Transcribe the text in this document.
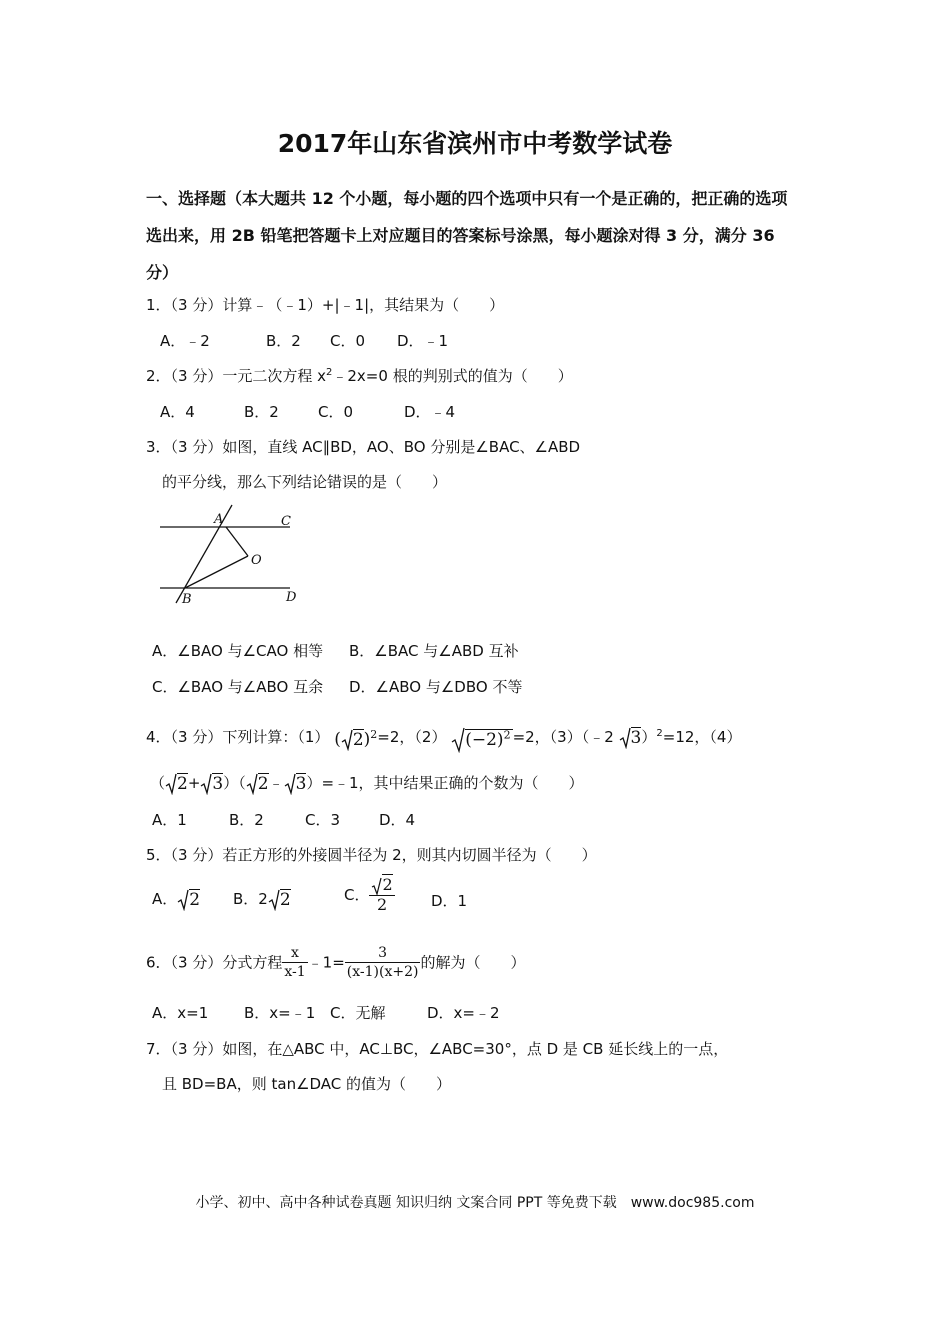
2017年山东省滨州市中考数学试卷
一、选择题（本大题共 12 个小题，每小题的四个选项中只有一个是正确的，把正确的选项
选出来，用 2B 铅笔把答题卡上对应题目的答案标号涂黑，每小题涂对得 3 分，满分 36
分）
1．（3 分）计算﹣（﹣1）+|﹣1|，其结果为（　　）
A．﹣2	B．2 C．0 D．﹣1
2．（3 分）一元二次方程 $x^2﹣2x=0$ 根的判别式的值为（　　）
A．4	B．2	C．0	D．﹣4
3．（3 分）如图，直线 AC∥BD，AO、BO 分别是∠BAC、∠ABD
的平分线，那么下列结论错误的是（　　）
A	C
O
B	D
A．∠BAO 与∠CAO 相等 B．∠BAC 与∠ABD 互补
C．∠BAO 与∠ABO 互余 D．∠ABO 与∠DBO 不等
4．（3 分）下列计算：（1） ( 2)$^2$=2，（2） $(-2)^2 =2$，（3）（﹣2 3）$^2$=12，（4）
（ 2+ 3）（ 2﹣ 3）=﹣1，其中结果正确的个数为（　　）
A．1	B．2	C．3	D．4
5．（3 分）若正方形的外接圆半径为 2，则其内切圆半径为（　　）
A． 2 B．2 2	C． $\frac{2}{2}$ D．1
6．（3 分）分式方程 $\frac{x}{x-1}$ ﹣1= $\frac{3}{(x-1)(x+2)}$ 的解为（　　）
A．x=1 B．x=﹣1 C．无解	D．x=﹣2
7．（3 分）如图，在△ABC 中，AC⊥BC，∠ABC=30°，点 D 是 CB 延长线上的一点，
且 BD=BA，则 tan∠DAC 的值为（　　）
小学、初中、高中各种试卷真题 知识归纳 文案合同 PPT 等免费下载　www.doc985.com
